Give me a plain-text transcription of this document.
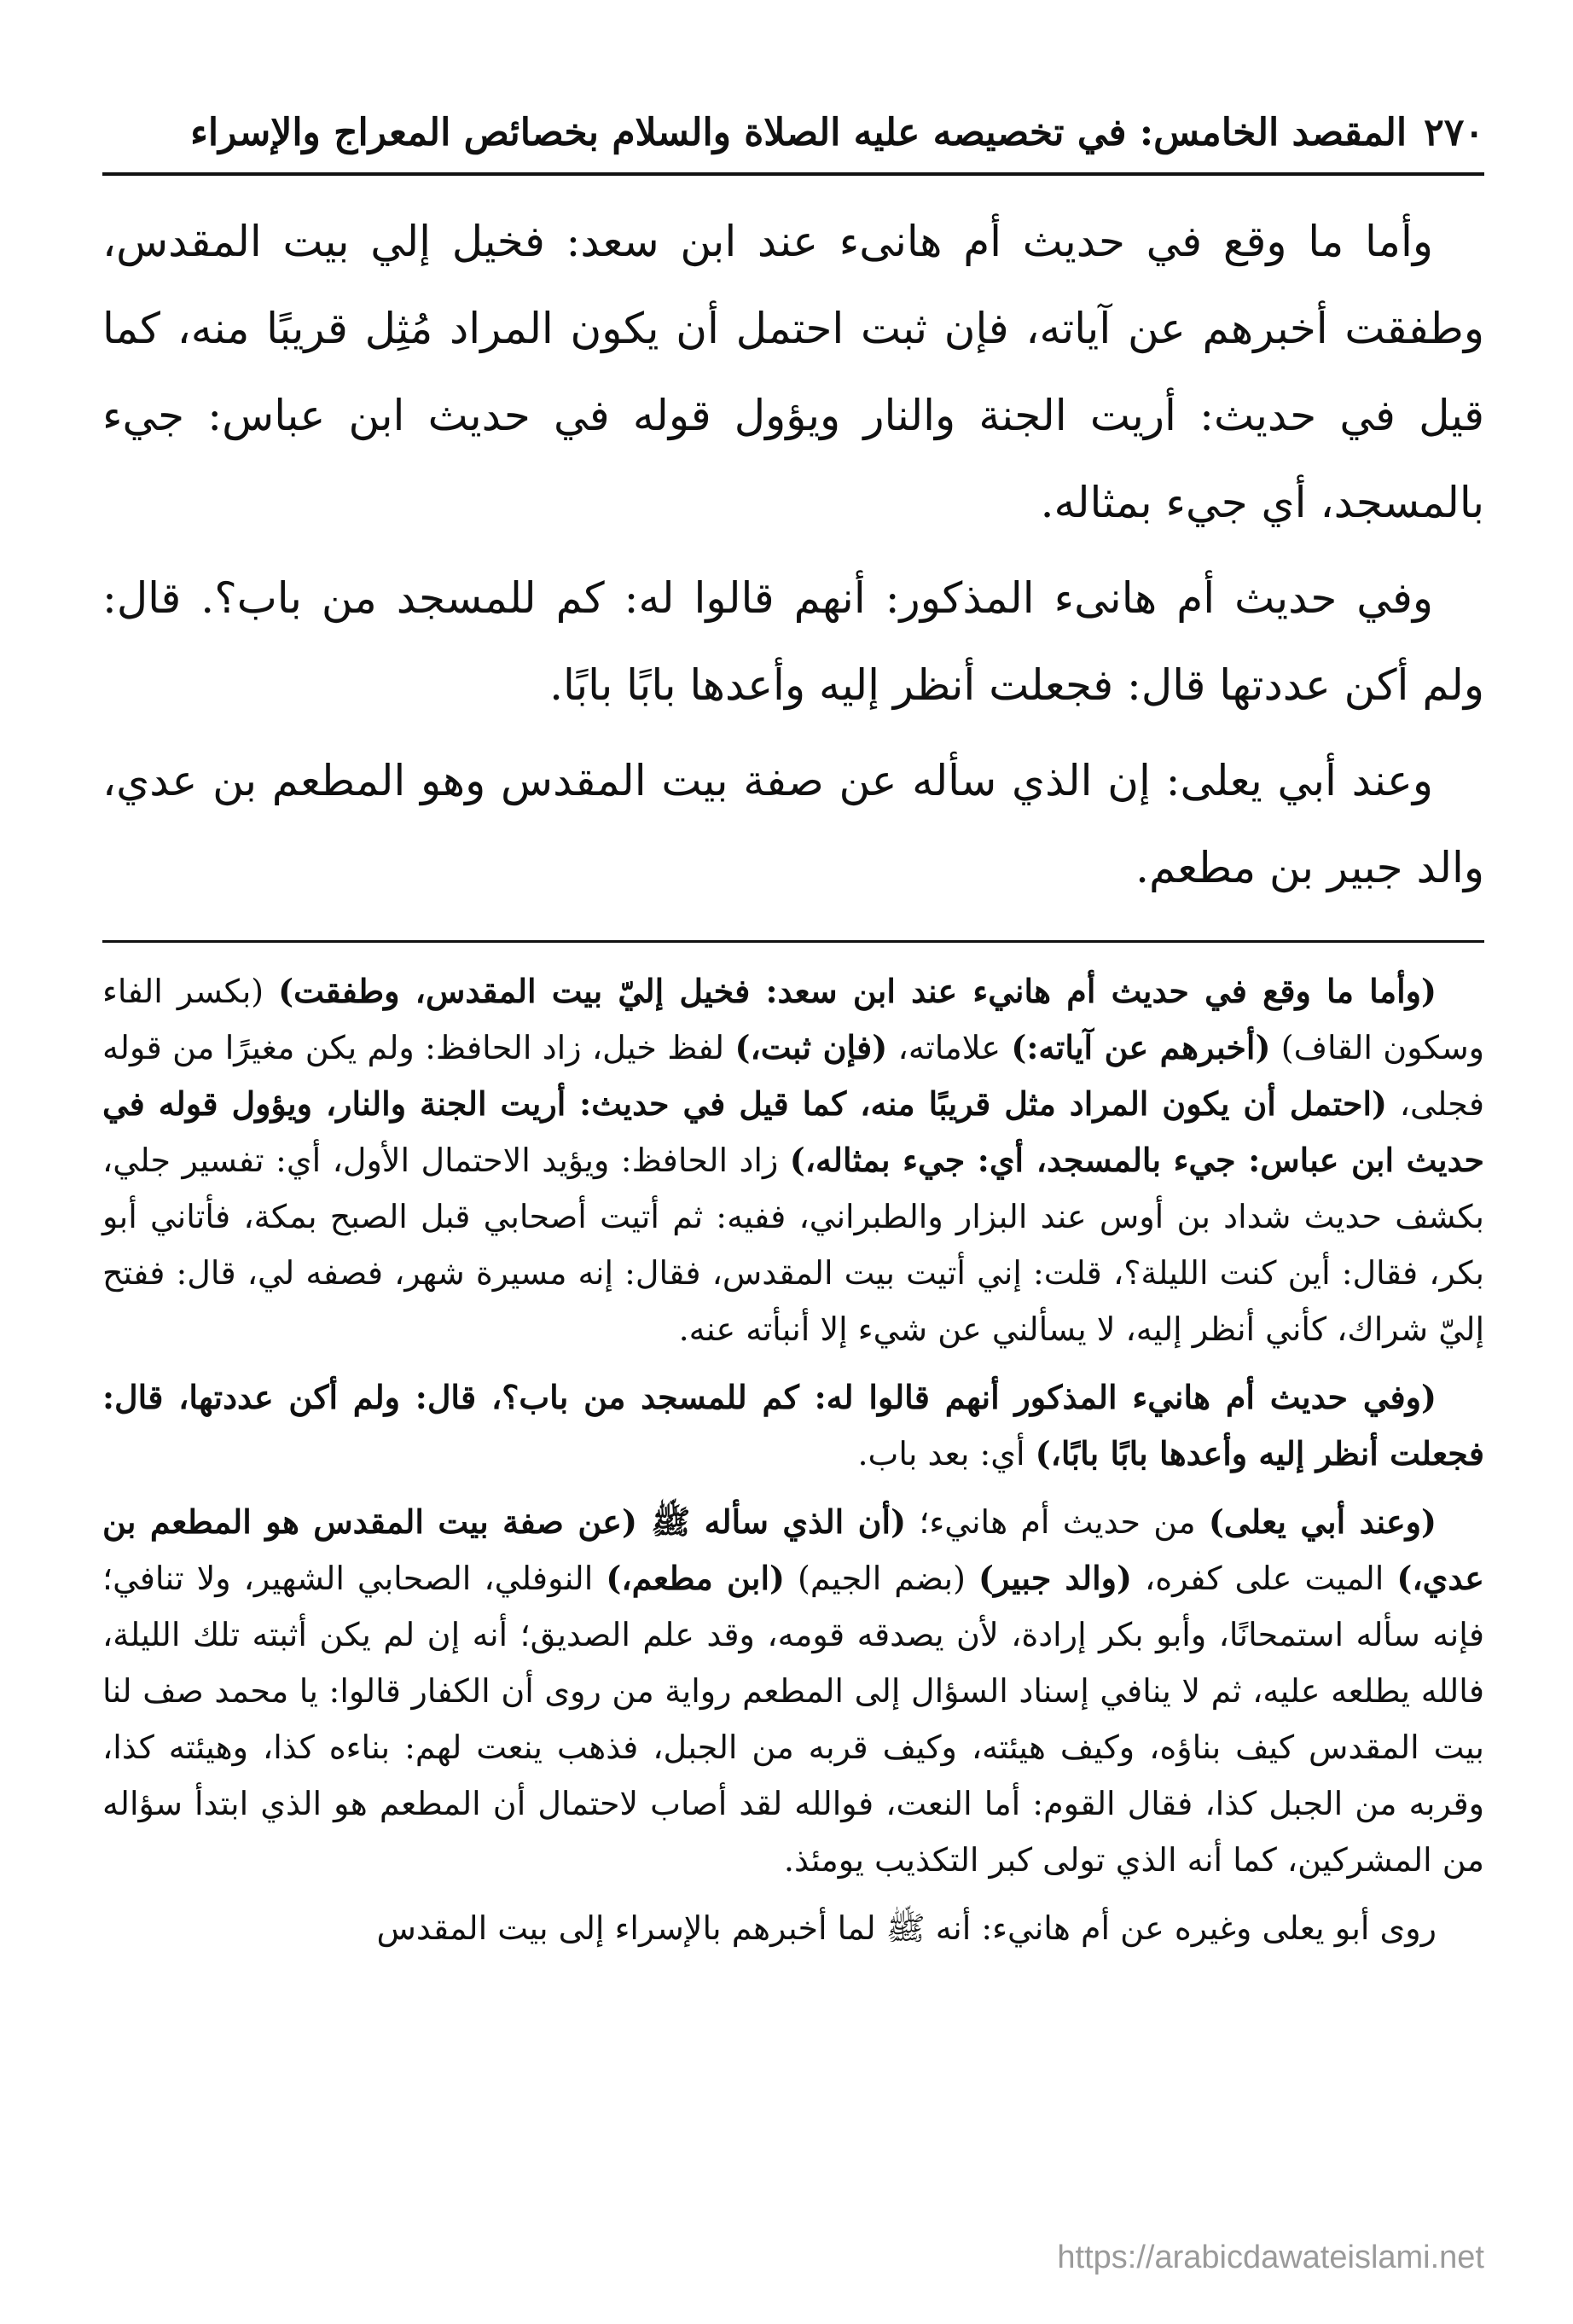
٢٧٠
المقصد الخامس: في تخصيصه عليه الصلاة والسلام بخصائص المعراج والإسراء

وأما ما وقع في حديث أم هانىء عند ابن سعد: فخيل إلي بيت المقدس، وطفقت أخبرهم عن آياته، فإن ثبت احتمل أن يكون المراد مُثِل قريبًا منه، كما قيل في حديث: أريت الجنة والنار ويؤول قوله في حديث ابن عباس: جيء بالمسجد، أي جيء بمثاله.

وفي حديث أم هانىء المذكور: أنهم قالوا له: كم للمسجد من باب؟. قال: ولم أكن عددتها قال: فجعلت أنظر إليه وأعدها بابًا بابًا.

وعند أبي يعلى: إن الذي سأله عن صفة بيت المقدس وهو المطعم بن عدي، والد جبير بن مطعم.

(وأما ما وقع في حديث أم هانيء عند ابن سعد: فخيل إليّ بيت المقدس، وطفقت) (بكسر الفاء وسكون القاف) (أخبرهم عن آياته:) علاماته، (فإن ثبت،) لفظ خيل، زاد الحافظ: ولم يكن مغيرًا من قوله فجلى، (احتمل أن يكون المراد مثل قريبًا منه، كما قيل في حديث: أريت الجنة والنار، ويؤول قوله في حديث ابن عباس: جيء بالمسجد، أي: جيء بمثاله،) زاد الحافظ: ويؤيد الاحتمال الأول، أي: تفسير جلي، بكشف حديث شداد بن أوس عند البزار والطبراني، ففيه: ثم أتيت أصحابي قبل الصبح بمكة، فأتاني أبو بكر، فقال: أين كنت الليلة؟، قلت: إني أتيت بيت المقدس، فقال: إنه مسيرة شهر، فصفه لي، قال: ففتح إليّ شراك، كأني أنظر إليه، لا يسألني عن شيء إلا أنبأته عنه.

(وفي حديث أم هانيء المذكور أنهم قالوا له: كم للمسجد من باب؟، قال: ولم أكن عددتها، قال: فجعلت أنظر إليه وأعدها بابًا بابًا،) أي: بعد باب.

(وعند أبي يعلى) من حديث أم هانيء؛ (أن الذي سأله ﷺ (عن صفة بيت المقدس هو المطعم بن عدي،) الميت على كفره، (والد جبير) (بضم الجيم) (ابن مطعم،) النوفلي، الصحابي الشهير، ولا تنافي؛ فإنه سأله استمحانًا، وأبو بكر إرادة، لأن يصدقه قومه، وقد علم الصديق؛ أنه إن لم يكن أثبته تلك الليلة، فالله يطلعه عليه، ثم لا ينافي إسناد السؤال إلى المطعم رواية من روى أن الكفار قالوا: يا محمد صف لنا بيت المقدس كيف بناؤه، وكيف هيئته، وكيف قربه من الجبل، فذهب ينعت لهم: بناءه كذا، وهيئته كذا، وقربه من الجبل كذا، فقال القوم: أما النعت، فوالله لقد أصاب لاحتمال أن المطعم هو الذي ابتدأ سؤاله من المشركين، كما أنه الذي تولى كبر التكذيب يومئذ.

روى أبو يعلى وغيره عن أم هانيء: أنه ﷺ لما أخبرهم بالإسراء إلى بيت المقدس

https://arabicdawateislami.net
